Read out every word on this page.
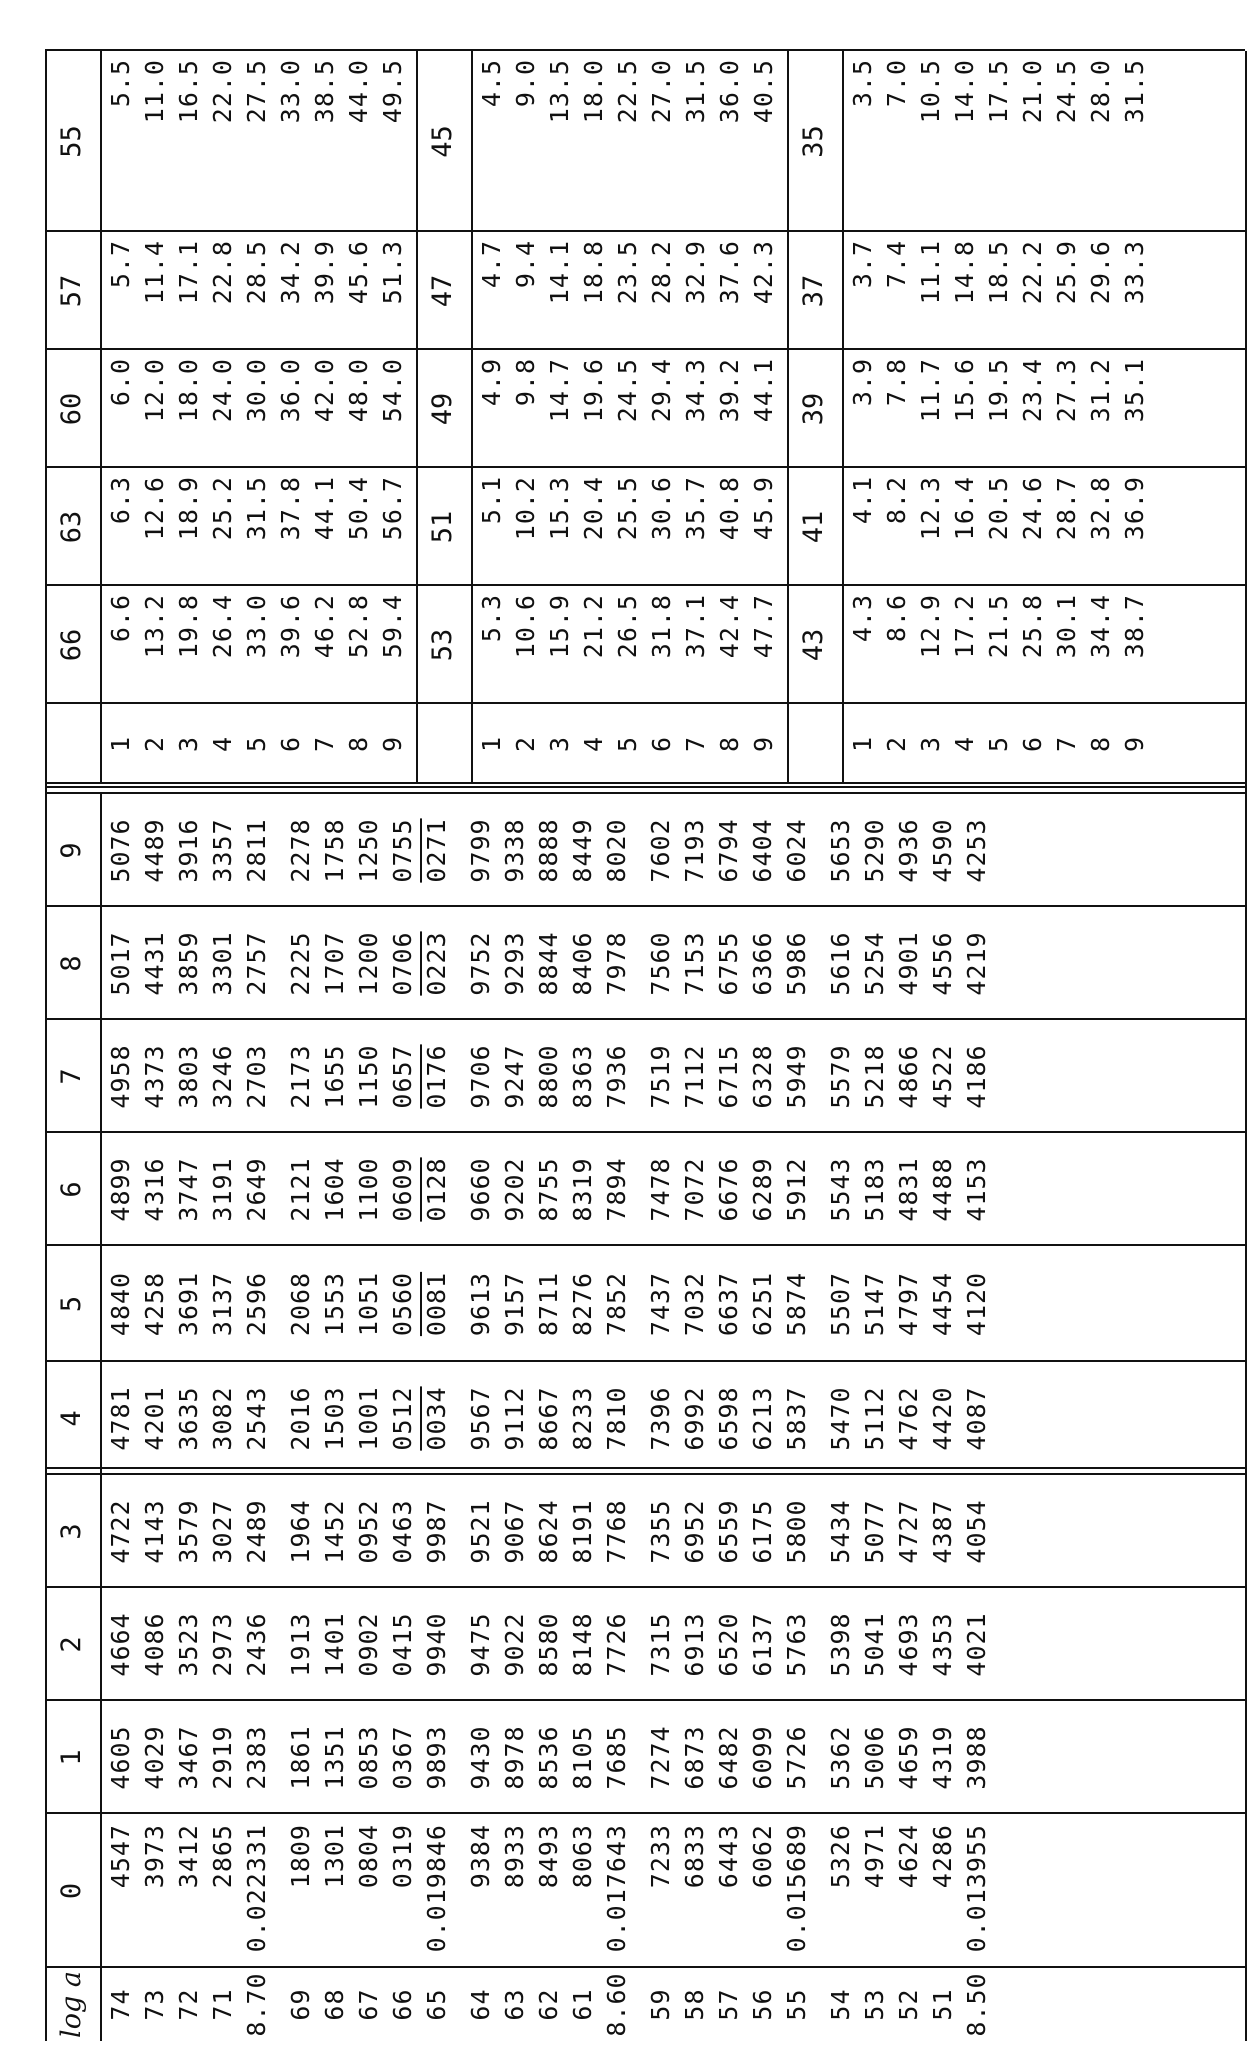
log a
0
1
2
3
4
5
6
7
8
9
74
4547
4605
4664
4722
4781
4840
4899
4958
5017
5076
73
3973
4029
4086
4143
4201
4258
4316
4373
4431
4489
72
3412
3467
3523
3579
3635
3691
3747
3803
3859
3916
71
2865
2919
2973
3027
3082
3137
3191
3246
3301
3357
8.70
0.022331
2383
2436
2489
2543
2596
2649
2703
2757
2811
69
1809
1861
1913
1964
2016
2068
2121
2173
2225
2278
68
1301
1351
1401
1452
1503
1553
1604
1655
1707
1758
67
0804
0853
0902
0952
1001
1051
1100
1150
1200
1250
66
0319
0367
0415
0463
0512
0560
0609
0657
0706
0755
65
0.019846
9893
9940
9987
0034
0081
0128
0176
0223
0271
64
9384
9430
9475
9521
9567
9613
9660
9706
9752
9799
63
8933
8978
9022
9067
9112
9157
9202
9247
9293
9338
62
8493
8536
8580
8624
8667
8711
8755
8800
8844
8888
61
8063
8105
8148
8191
8233
8276
8319
8363
8406
8449
8.60
0.017643
7685
7726
7768
7810
7852
7894
7936
7978
8020
59
7233
7274
7315
7355
7396
7437
7478
7519
7560
7602
58
6833
6873
6913
6952
6992
7032
7072
7112
7153
7193
57
6443
6482
6520
6559
6598
6637
6676
6715
6755
6794
56
6062
6099
6137
6175
6213
6251
6289
6328
6366
6404
55
0.015689
5726
5763
5800
5837
5874
5912
5949
5986
6024
54
5326
5362
5398
5434
5470
5507
5543
5579
5616
5653
53
4971
5006
5041
5077
5112
5147
5183
5218
5254
5290
52
4624
4659
4693
4727
4762
4797
4831
4866
4901
4936
51
4286
4319
4353
4387
4420
4454
4488
4522
4556
4590
8.50
0.013955
3988
4021
4054
4087
4120
4153
4186
4219
4253
66
63
60
57
55
1
6.6
6.3
6.0
5.7
5.5
2
13.2
12.6
12.0
11.4
11.0
3
19.8
18.9
18.0
17.1
16.5
4
26.4
25.2
24.0
22.8
22.0
5
33.0
31.5
30.0
28.5
27.5
6
39.6
37.8
36.0
34.2
33.0
7
46.2
44.1
42.0
39.9
38.5
8
52.8
50.4
48.0
45.6
44.0
9
59.4
56.7
54.0
51.3
49.5
53
51
49
47
45
1
5.3
5.1
4.9
4.7
4.5
2
10.6
10.2
9.8
9.4
9.0
3
15.9
15.3
14.7
14.1
13.5
4
21.2
20.4
19.6
18.8
18.0
5
26.5
25.5
24.5
23.5
22.5
6
31.8
30.6
29.4
28.2
27.0
7
37.1
35.7
34.3
32.9
31.5
8
42.4
40.8
39.2
37.6
36.0
9
47.7
45.9
44.1
42.3
40.5
43
41
39
37
35
1
4.3
4.1
3.9
3.7
3.5
2
8.6
8.2
7.8
7.4
7.0
3
12.9
12.3
11.7
11.1
10.5
4
17.2
16.4
15.6
14.8
14.0
5
21.5
20.5
19.5
18.5
17.5
6
25.8
24.6
23.4
22.2
21.0
7
30.1
28.7
27.3
25.9
24.5
8
34.4
32.8
31.2
29.6
28.0
9
38.7
36.9
35.1
33.3
31.5
